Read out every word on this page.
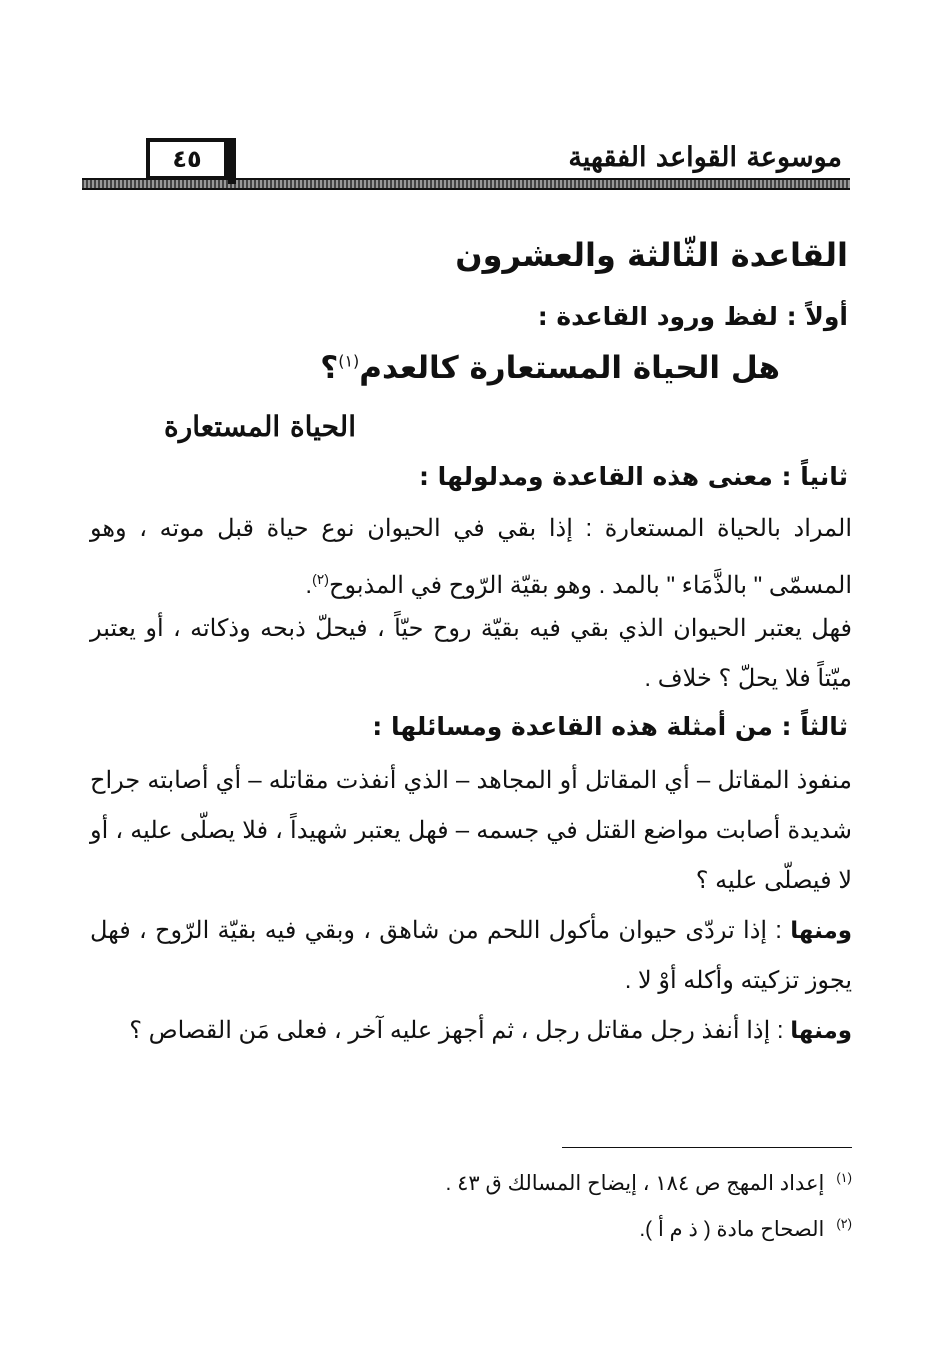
موسوعة القواعد الفقهية
٤٥
القاعدة الثّالثة والعشرون
أولاً : لفظ ورود القاعدة :
هل الحياة المستعارة كالعدم$^{(١)}$؟
الحياة المستعارة
ثانياً : معنى هذه القاعدة ومدلولها :
المراد بالحياة المستعارة : إذا بقي في الحيوان نوع حياة قبل موته ، وهو المسمّى " بالذَّمَاء " بالمد . وهو بقيّة الرّوح في المذبوح$^{(٢)}$.
فهل يعتبر الحيوان الذي بقي فيه بقيّة روح حيّاً ، فيحلّ ذبحه وذكاته ، أو يعتبر ميّتاً فلا يحلّ ؟ خلاف .
ثالثاً : من أمثلة هذه القاعدة ومسائلها :
منفوذ المقاتل – أي المقاتل أو المجاهد – الذي أنفذت مقاتله – أي أصابته جراح شديدة أصابت مواضع القتل في جسمه – فهل يعتبر شهيداً ، فلا يصلّى عليه ، أو لا فيصلّى عليه ؟
ومنها : إذا تردّى حيوان مأكول اللحم من شاهق ، وبقي فيه بقيّة الرّوح ، فهل يجوز تزكيته وأكله أوْ لا .
ومنها : إذا أنفذ رجل مقاتل رجل ، ثم أجهز عليه آخر ، فعلى مَن القصاص ؟
$^{(١)}$إعداد المهج ص ١٨٤ ، إيضاح المسالك ق ٤٣ .
$^{(٢)}$الصحاح مادة ( ذ م أ ).
